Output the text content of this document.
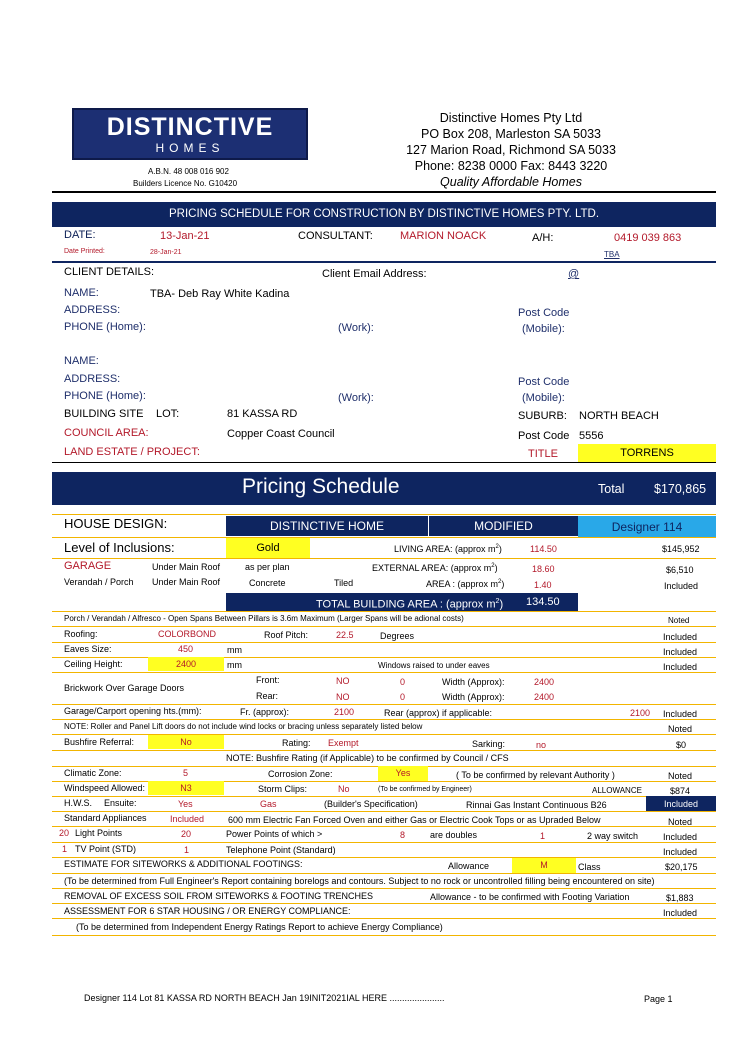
DISTINCTIVE
HOMES
A.B.N. 48 008 016 902
Builders Licence No. G10420
Distinctive Homes Pty Ltd
PO Box 208, Marleston SA 5033
127 Marion Road, Richmond SA 5033
Phone: 8238 0000 Fax: 8443 3220
Quality Affordable Homes
PRICING SCHEDULE FOR CONSTRUCTION BY DISTINCTIVE HOMES PTY. LTD.
DATE:	13-Jan-21	CONSULTANT: MARION NOACK	A/H:	0419 039 863
Date Printed:	28-Jan-21	TBA
CLIENT DETAILS:	Client Email Address:	@
NAME:	TBA- Deb Ray White Kadina
ADDRESS:	Post Code
PHONE (Home):	(Work):	(Mobile):
NAME:
ADDRESS:	Post Code
PHONE (Home):	(Work):	(Mobile):
BUILDING SITE LOT:	81 KASSA RD	SUBURB: NORTH BEACH
COUNCIL AREA:	Copper Coast Council	Post Code 5556
LAND ESTATE / PROJECT:	TITLE	TORRENS
Pricing Schedule	Total $170,865
HOUSE DESIGN:	DISTINCTIVE HOME	MODIFIED	Designer 114
Level of Inclusions:	Gold	LIVING AREA: (approx $m^2$)	114.50	$145,952
GARAGE	Under Main Roof	as per plan	EXTERNAL AREA: (approx $m^2$)	18.60	$6,510
Verandah / Porch Under Main Roof	Concrete	Tiled	AREA : (approx $m^2$)	1.40	Included
TOTAL BUILDING AREA : (approx $m^2$) 134.50
Porch / Verandah / Alfresco - Open Spans Between Pillars is 3.6m Maximum (Larger Spans will be adional costs)	Noted
Roofing:	COLORBOND	Roof Pitch:	22.5	Degrees	Included
Eaves Size:	450	mm	Included
Ceiling Height:	2400	mm	Windows raised to under eaves	Included
Brickwork Over Garage Doors
Front:	NO	0	Width (Approx):	2400
Rear:	NO	0	Width (Approx):	2400
Garage/Carport opening hts.(mm):	Fr. (approx):	2100	Rear (approx) if applicable:	2100 Included
NOTE: Roller and Panel Lift doors do not include wind locks or bracing unless separately listed below	Noted
Bushfire Referral:	No	Rating: Exempt	Sarking:	no	$0
NOTE: Bushfire Rating (if Applicable) to be confirmed by Council / CFS
Climatic Zone:	5	Corrosion Zone:	Yes	( To be confirmed by relevant Authority )	Noted
Windspeed Allowed:	N3	Storm Clips:	No	(To be confirmed by Engineer)	ALLOWANCE	$874
H.W.S. Ensuite:	Yes	Gas	(Builder's Specification)	Rinnai Gas Instant Continuous B26	Included
Standard Appliances	Included	600 mm Electric Fan Forced Oven and either Gas or Electric Cook Tops or as Upraded Below	Noted
20 Light Points	20	Power Points of which >	8	are doubles	1	2 way switch	Included
1 TV Point (STD)	1	Telephone Point (Standard)	Included
ESTIMATE FOR SITEWORKS & ADDITIONAL FOOTINGS:	Allowance	M	Class	$20,175
(To be determined from Full Engineer's Report containing borelogs and contours. Subject to no rock or uncontrolled filling being encountered on site)
REMOVAL OF EXCESS SOIL FROM SITEWORKS & FOOTING TRENCHES	Allowance - to be confirmed with Footing Variation	$1,883
ASSESSMENT FOR 6 STAR HOUSING / OR ENERGY COMPLIANCE:	Included
(To be determined from Independent Energy Ratings Report to achieve Energy Compliance)
Designer 114 Lot 81 KASSA RD NORTH BEACH Jan 19INIT2021IAL HERE ......................	Page 1
